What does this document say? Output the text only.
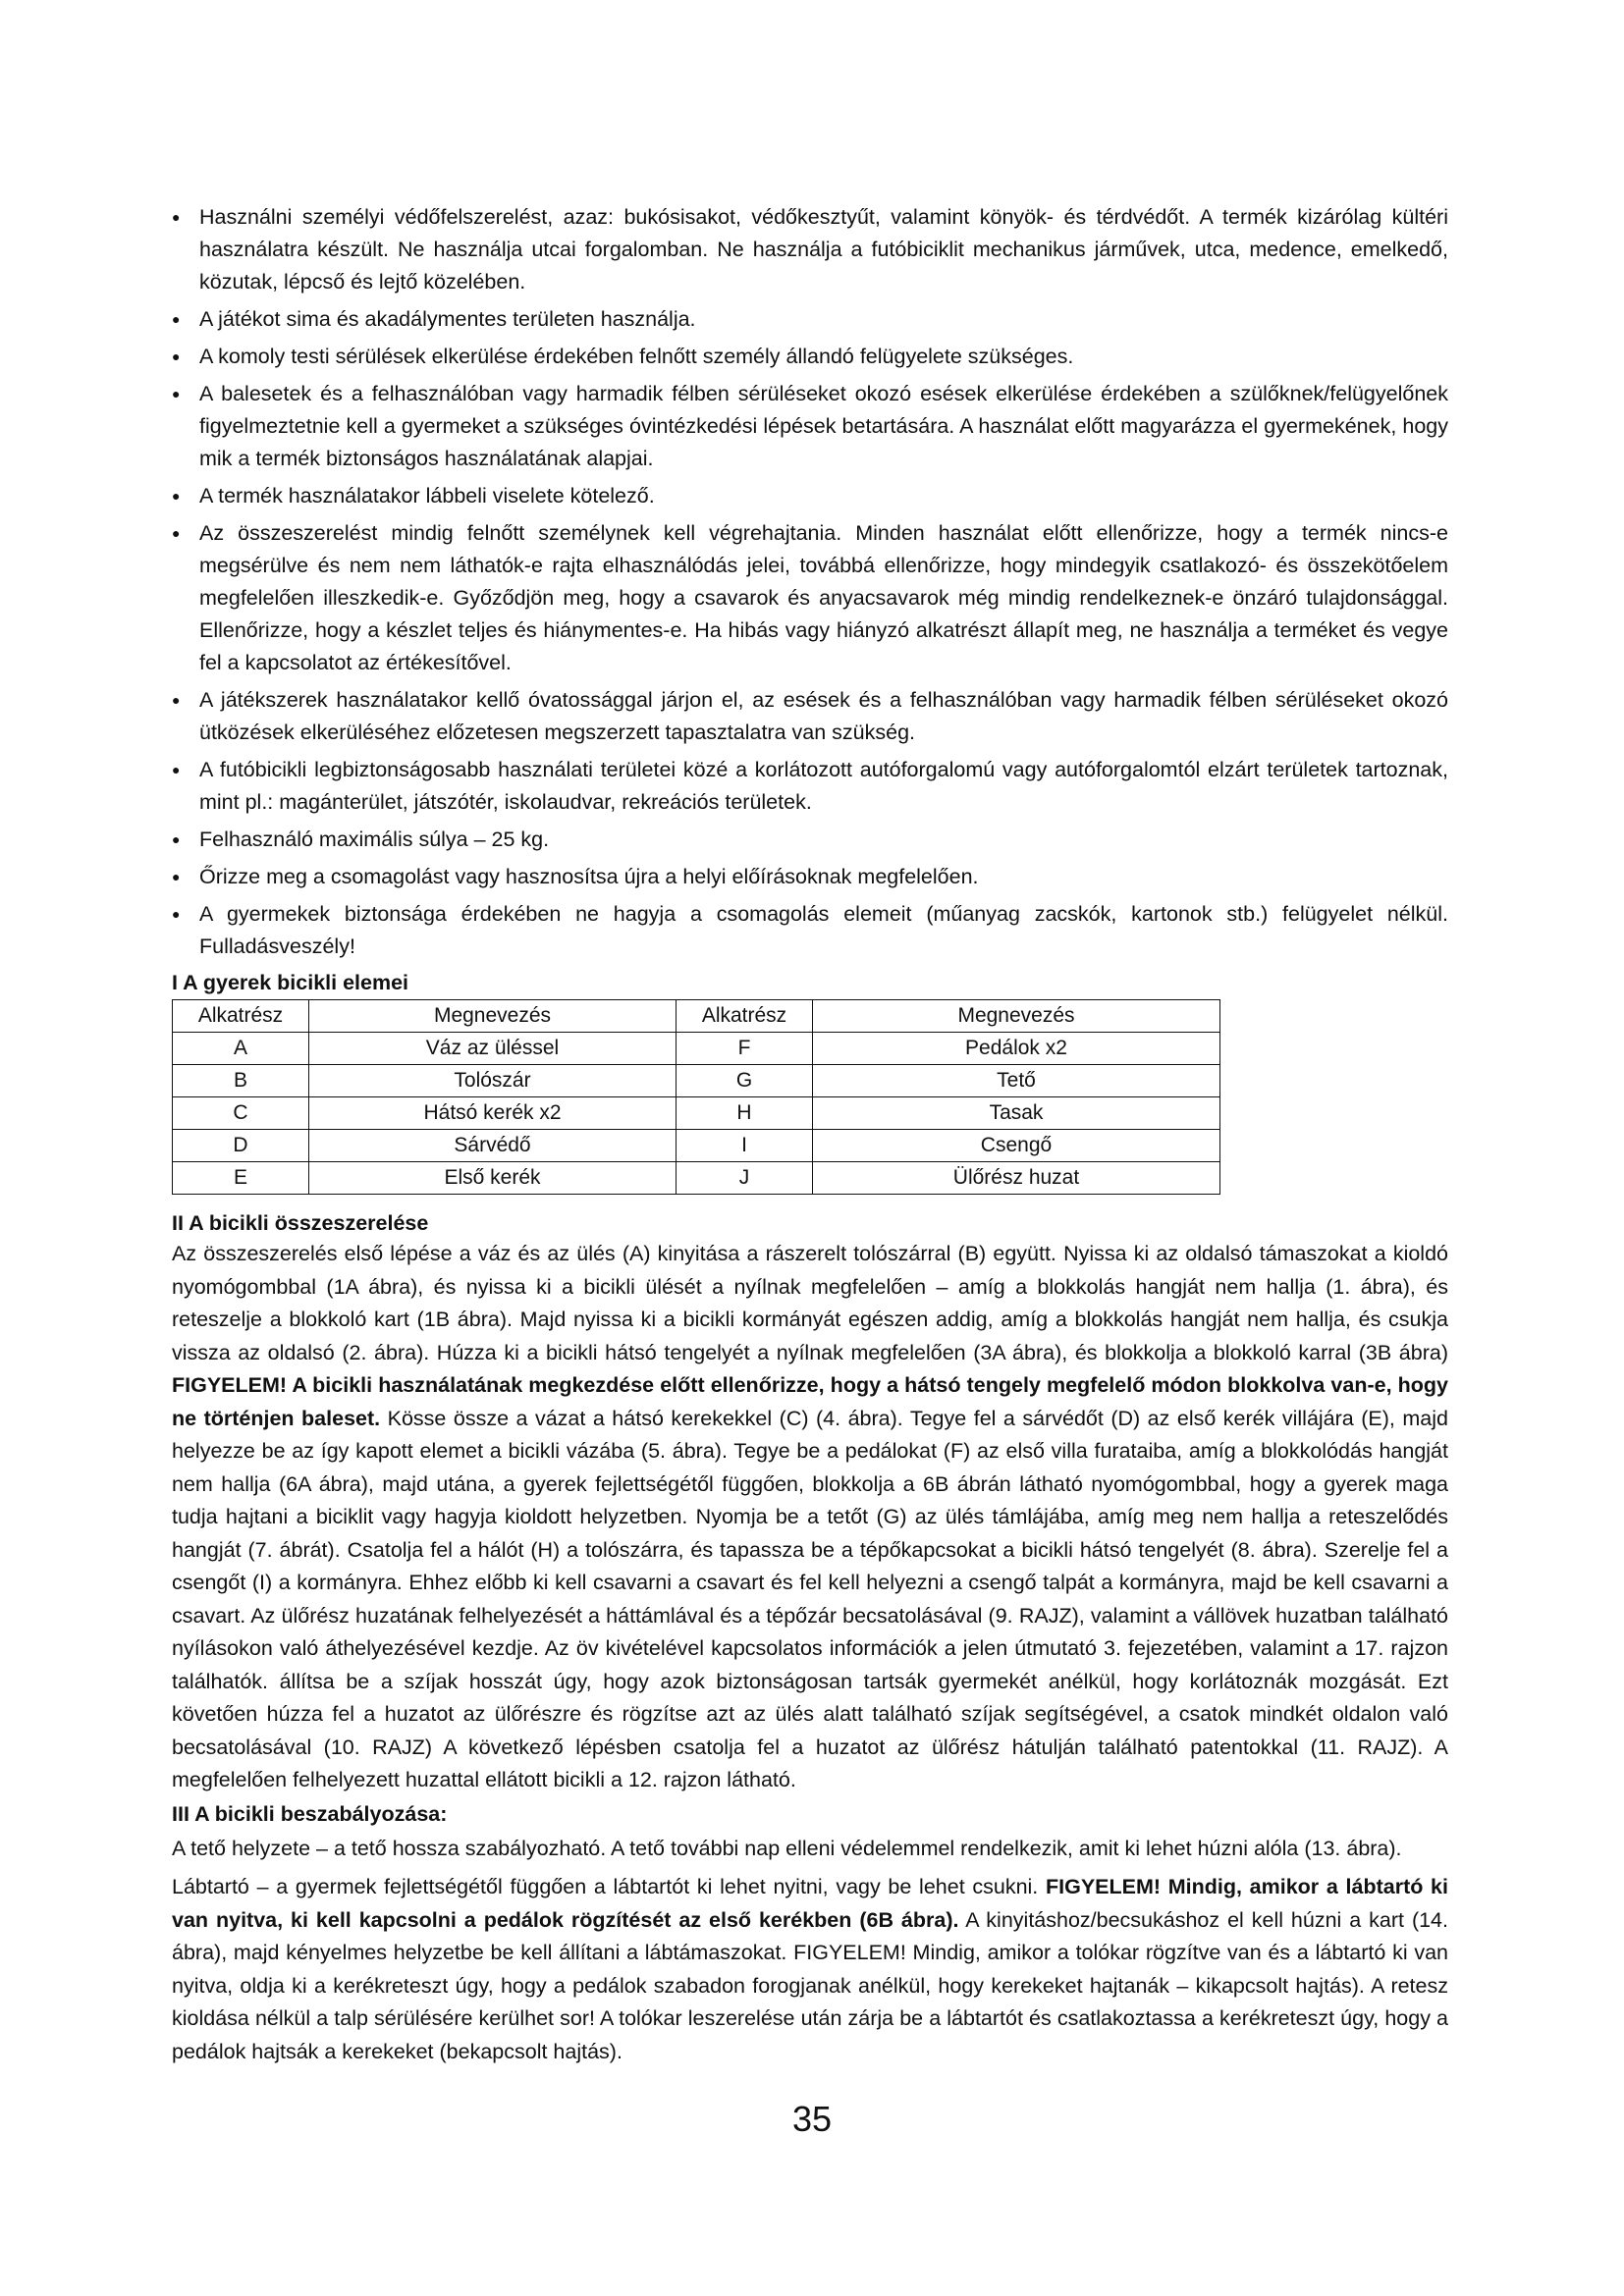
● Használni személyi védőfelszerelést, azaz: bukósisakot, védőkesztyűt, valamint könyök- és térdvédőt. A termék kizárólag kültéri használatra készült. Ne használja utcai forgalomban. Ne használja a futóbiciklit mechanikus járművek, utca, medence, emelkedő, közutak, lépcső és lejtő közelében.
● A játékot sima és akadálymentes területen használja.
● A komoly testi sérülések elkerülése érdekében felnőtt személy állandó felügyelete szükséges.
● A balesetek és a felhasználóban vagy harmadik félben sérüléseket okozó esések elkerülése érdekében a szülőknek/felügyelőnek figyelmeztetnie kell a gyermeket a szükséges óvintézkedési lépések betartására. A használat előtt magyarázza el gyermekének, hogy mik a termék biztonságos használatának alapjai.
● A termék használatakor lábbeli viselete kötelező.
● Az összeszerelést mindig felnőtt személynek kell végrehajtania. Minden használat előtt ellenőrizze, hogy a termék nincs-e megsérülve és nem nem láthatók-e rajta elhasználódás jelei, továbbá ellenőrizze, hogy mindegyik csatlakozó- és összekötőelem megfelelően illeszkedik-e. Győződjön meg, hogy a csavarok és anyacsavarok még mindig rendelkeznek-e önzáró tulajdonsággal. Ellenőrizze, hogy a készlet teljes és hiánymentes-e. Ha hibás vagy hiányzó alkatrészt állapít meg, ne használja a terméket és vegye fel a kapcsolatot az értékesítővel.
● A játékszerek használatakor kellő óvatossággal járjon el, az esések és a felhasználóban vagy harmadik félben sérüléseket okozó ütközések elkerüléséhez előzetesen megszerzett tapasztalatra van szükség.
● A futóbicikli legbiztonságosabb használati területei közé a korlátozott autóforgalomú vagy autóforgalomtól elzárt területek tartoznak, mint pl.: magánterület, játszótér, iskolaudvar, rekreációs területek.
● Felhasználó maximális súlya – 25 kg.
● Őrizze meg a csomagolást vagy hasznosítsa újra a helyi előírásoknak megfelelően.
● A gyermekek biztonsága érdekében ne hagyja a csomagolás elemeit (műanyag zacskók, kartonok stb.) felügyelet nélkül. Fulladásveszély!
I A gyerek bicikli elemei
Alkatrész	Megnevezés	Alkatrész	Megnevezés
A	Váz az üléssel	F	Pedálok x2
B	Tolószár	G	Tető
C	Hátsó kerék x2	H	Tasak
D	Sárvédő	I	Csengő
E	Első kerék	J	Ülőrész huzat
II A bicikli összeszerelése

Az összeszerelés első lépése a váz és az ülés (A) kinyitása a rászerelt tolószárral (B) együtt. Nyissa ki az oldalsó támaszokat a kioldó nyomógombbal (1A ábra), és nyissa ki a bicikli ülését a nyílnak megfelelően – amíg a blokkolás hangját nem hallja (1. ábra), és reteszelje a blokkoló kart (1B ábra). Majd nyissa ki a bicikli kormányát egészen addig, amíg a blokkolás hangját nem hallja, és csukja vissza az oldalsó (2. ábra). Húzza ki a bicikli hátsó tengelyét a nyílnak megfelelően (3A ábra), és blokkolja a blokkoló karral (3B ábra) FIGYELEM! A bicikli használatának megkezdése előtt ellenőrizze, hogy a hátsó tengely megfelelő módon blokkolva van-e, hogy ne történjen baleset. Kösse össze a vázat a hátsó kerekekkel (C) (4. ábra). Tegye fel a sárvédőt (D) az első kerék villájára (E), majd helyezze be az így kapott elemet a bicikli vázába (5. ábra). Tegye be a pedálokat (F) az első villa furataiba, amíg a blokkolódás hangját nem hallja (6A ábra), majd utána, a gyerek fejlettségétől függően, blokkolja a 6B ábrán látható nyomógombbal, hogy a gyerek maga tudja hajtani a biciklit vagy hagyja kioldott helyzetben. Nyomja be a tetőt (G) az ülés támlájába, amíg meg nem hallja a reteszelődés hangját (7. ábrát). Csatolja fel a hálót (H) a tolószárra, és tapassza be a tépőkapcsokat a bicikli hátsó tengelyét (8. ábra). Szerelje fel a csengőt (I) a kormányra. Ehhez előbb ki kell csavarni a csavart és fel kell helyezni a csengő talpát a kormányra, majd be kell csavarni a csavart. Az ülőrész huzatának felhelyezését a háttámlával és a tépőzár becsatolásával (9. RAJZ), valamint a vállövek huzatban található nyílásokon való áthelyezésével kezdje. Az öv kivételével kapcsolatos információk a jelen útmutató 3. fejezetében, valamint a 17. rajzon találhatók. állítsa be a szíjak hosszát úgy, hogy azok biztonságosan tartsák gyermekét anélkül, hogy korlátoznák mozgását. Ezt követően húzza fel a huzatot az ülőrészre és rögzítse azt az ülés alatt található szíjak segítségével, a csatok mindkét oldalon való becsatolásával (10. RAJZ) A következő lépésben csatolja fel a huzatot az ülőrész hátulján található patentokkal (11. RAJZ). A megfelelően felhelyezett huzattal ellátott bicikli a 12. rajzon látható.

III A bicikli beszabályozása:

A tető helyzete – a tető hossza szabályozható. A tető további nap elleni védelemmel rendelkezik, amit ki lehet húzni alóla (13. ábra).

Lábtartó – a gyermek fejlettségétől függően a lábtartót ki lehet nyitni, vagy be lehet csukni. FIGYELEM! Mindig, amikor a lábtartó ki van nyitva, ki kell kapcsolni a pedálok rögzítését az első kerékben (6B ábra). A kinyitáshoz/becsukáshoz el kell húzni a kart (14. ábra), majd kényelmes helyzetbe be kell állítani a lábtámaszokat. FIGYELEM! Mindig, amikor a tolókar rögzítve van és a lábtartó ki van nyitva, oldja ki a kerékreteszt úgy, hogy a pedálok szabadon forogjanak anélkül, hogy kerekeket hajtanák – kikapcsolt hajtás). A retesz kioldása nélkül a talp sérülésére kerülhet sor! A tolókar leszerelése után zárja be a lábtartót és csatlakoztassa a kerékreteszt úgy, hogy a pedálok hajtsák a kerekeket (bekapcsolt hajtás).

35
